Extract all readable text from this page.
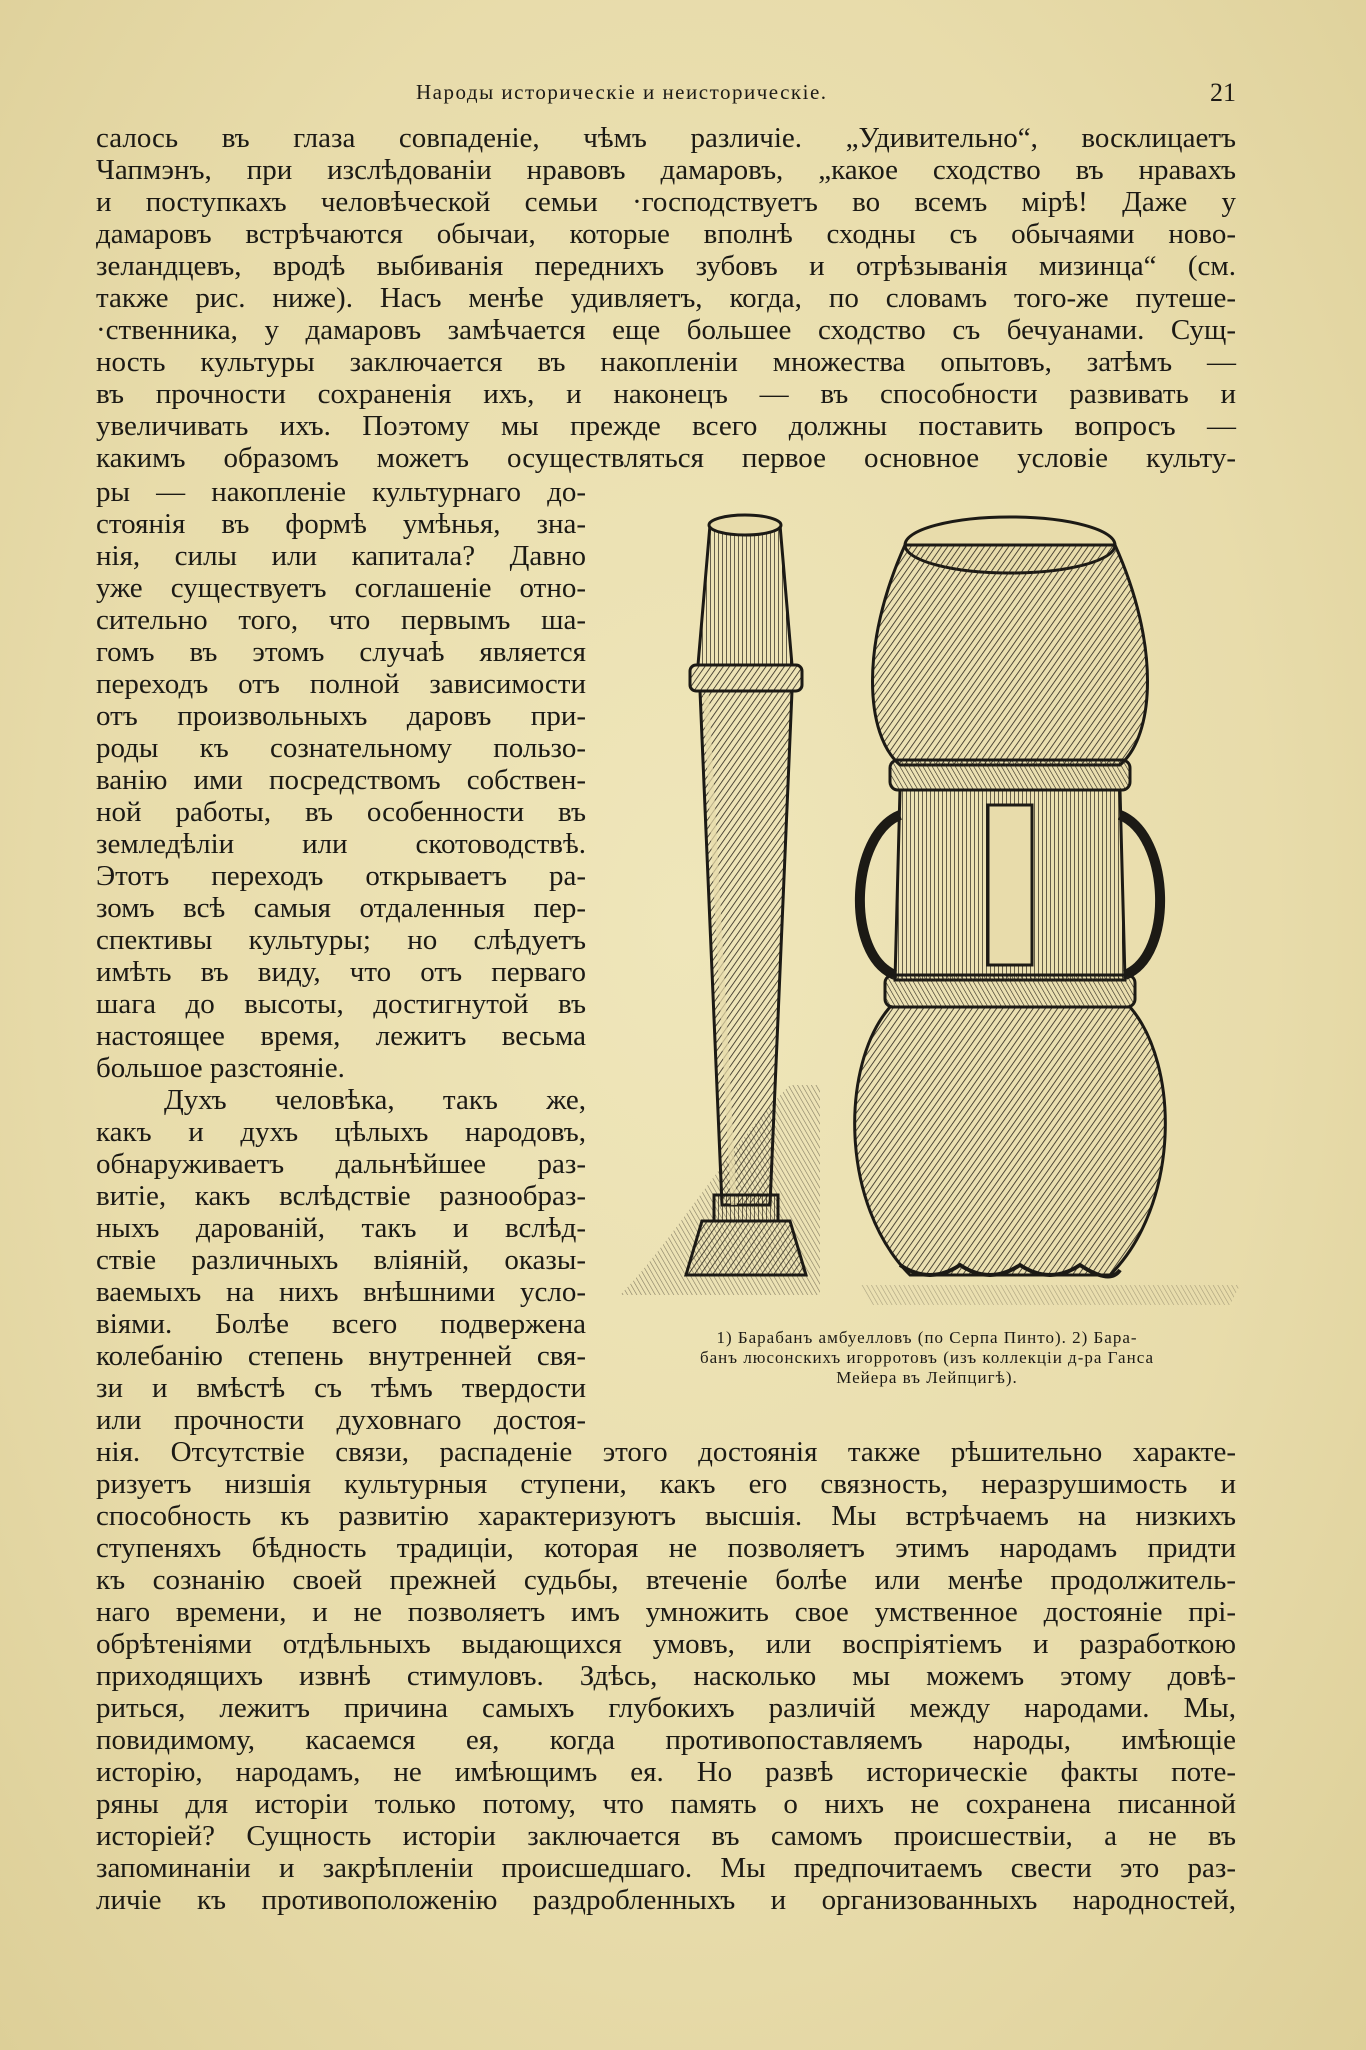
Народы историческiе и неисторическiе.	21
салось въ глаза совпаденіе, чѣмъ различіе. „Удивительно“, восклицаетъ
Чапмэнъ, при изслѣдованіи нравовъ дамаровъ, „какое сходство въ нравахъ
и поступкахъ человѣческой семьи ·господствуетъ во всемъ мірѣ! Даже у
дамаровъ встрѣчаются обычаи, которые вполнѣ сходны съ обычаями ново-
зеландцевъ, вродѣ выбиванія переднихъ зубовъ и отрѣзыванія мизинца“ (см.
также рис. ниже). Насъ менѣе удивляетъ, когда, по словамъ того-же путеше-
·ственника, у дамаровъ замѣчается еще большее сходство съ бечуанами. Сущ-
ность культуры заключается въ накопленіи множества опытовъ, затѣмъ —
въ прочности сохраненія ихъ, и наконецъ — въ способности развивать и
увеличивать ихъ. Поэтому мы прежде всего должны поставить вопросъ —
какимъ образомъ можетъ осуществляться первое основное условіе культу-
ры — накопленіе культурнаго до-
стоянія въ формѣ умѣнья, зна-
нія, силы или капитала? Давно
уже существуетъ соглашеніе отно-
сительно того, что первымъ ша-
гомъ въ этомъ случаѣ является
переходъ отъ полной зависимости
отъ произвольныхъ даровъ при-
роды къ сознательному пользо-
ванію ими посредствомъ собствен-
ной работы, въ особенности въ
земледѣліи или скотоводствѣ.
Этотъ переходъ открываетъ ра-
зомъ всѣ самыя отдаленныя пер-
спективы культуры; но слѣдуетъ
имѣть въ виду, что отъ перваго
шага до высоты, достигнутой въ
настоящее время, лежитъ весьма
большое разстояніе.
Духъ человѣка, такъ же,
какъ и духъ цѣлыхъ народовъ,
обнаруживаетъ дальнѣйшее раз-
витіе, какъ вслѣдствіе разнообраз-
ныхъ дарованій, такъ и вслѣд-
ствіе различныхъ вліяній, оказы-
ваемыхъ на нихъ внѣшними усло-
віями. Болѣе всего подвержена
колебанію степень внутренней свя-
зи и вмѣстѣ съ тѣмъ твердости
или прочности духовнаго достоя-
1) Барабанъ амбуелловъ (по Серпа Пинто). 2) Бара-
банъ люсонскихъ игорротовъ (изъ коллекціи д-ра Ганса
Мейера въ Лейпцигѣ).
нія. Отсутствіе связи, распаденіе этого достоянія также рѣшительно характе-
ризуетъ низшія культурныя ступени, какъ его связность, неразрушимость и
способность къ развитію характеризуютъ высшія. Мы встрѣчаемъ на низкихъ
ступеняхъ бѣдность традиціи, которая не позволяетъ этимъ народамъ придти
къ сознанію своей прежней судьбы, втеченіе болѣе или менѣе продолжитель-
наго времени, и не позволяетъ имъ умножить свое умственное достояніе прі-
обрѣтеніями отдѣльныхъ выдающихся умовъ, или воспріятіемъ и разработкою
приходящихъ извнѣ стимуловъ. Здѣсь, насколько мы можемъ этому довѣ-
риться, лежитъ причина самыхъ глубокихъ различій между народами. Мы,
повидимому, касаемся ея, когда противопоставляемъ народы, имѣющіе
исторію, народамъ, не имѣющимъ ея. Но развѣ историческіе факты поте-
ряны для исторіи только потому, что память о нихъ не сохранена писанной
исторіей? Сущность исторіи заключается въ самомъ происшествіи, а не въ
запоминаніи и закрѣпленіи происшедшаго. Мы предпочитаемъ свести это раз-
личіе къ противоположенію раздробленныхъ и организованныхъ народностей,
